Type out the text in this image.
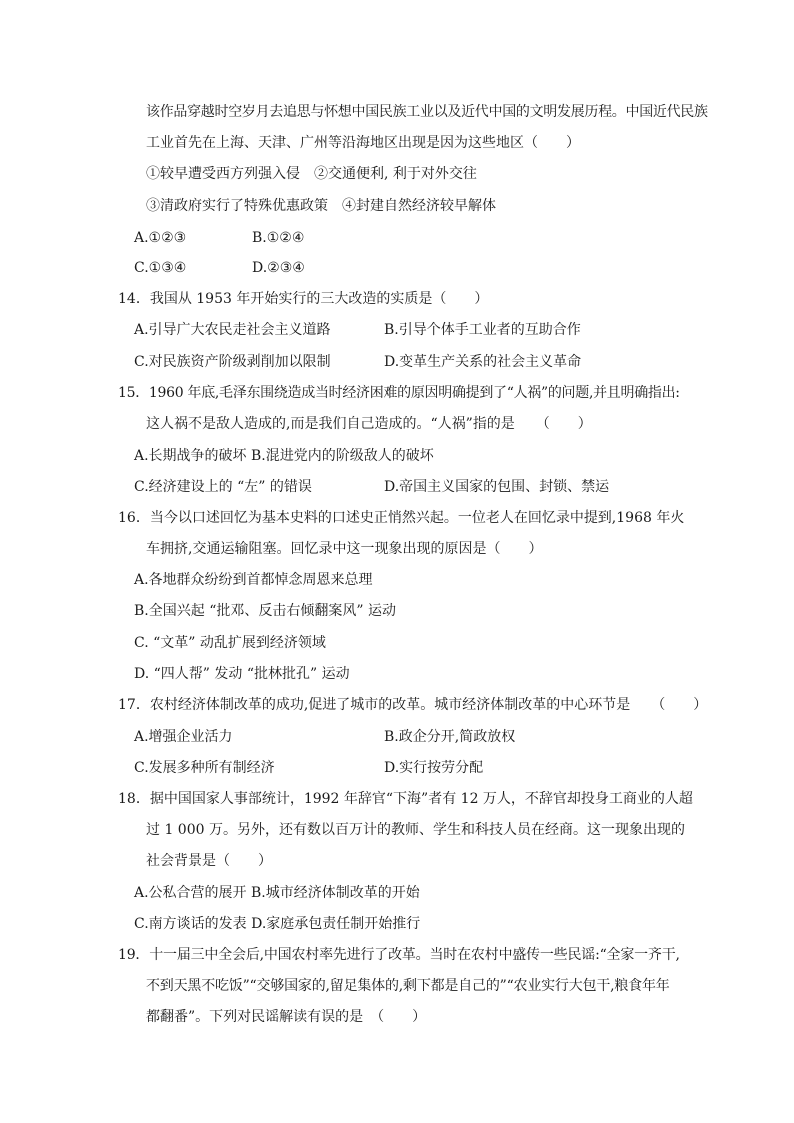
该作品穿越时空岁月去追思与怀想中国民族工业以及近代中国的文明发展历程。中国近代民族
工业首先在上海、天津、广州等沿海地区出现是因为这些地区（　　）
①较早遭受西方列强入侵　②交通便利, 利于对外交往
③清政府实行了特殊优惠政策　④封建自然经济较早解体
A.①②③	B.①②④
C.①③④	D.②③④
14．我国从 1953 年开始实行的三大改造的实质是（　　）
A.引导广大农民走社会主义道路	B.引导个体手工业者的互助合作
C.对民族资产阶级剥削加以限制	D.变革生产关系的社会主义革命
15．1960 年底,毛泽东围绕造成当时经济困难的原因明确提到了“人祸”的问题,并且明确指出:
这人祸不是敌人造成的,而是我们自己造成的。“人祸”指的是　　（　　）
A.长期战争的破坏 B.混进党内的阶级敌人的破坏
C.经济建设上的 “左” 的错误	D.帝国主义国家的包围、封锁、禁运
16．当今以口述回忆为基本史料的口述史正悄然兴起。一位老人在回忆录中提到,1968 年火
车拥挤,交通运输阻塞。回忆录中这一现象出现的原因是（　　）
A.各地群众纷纷到首都悼念周恩来总理
B.全国兴起 “批邓、反击右倾翻案风” 运动
C. “文革” 动乱扩展到经济领域
D. “四人帮” 发动 “批林批孔” 运动
17．农村经济体制改革的成功,促进了城市的改革。城市经济体制改革的中心环节是　　（　　）
A.增强企业活力	B.政企分开,简政放权
C.发展多种所有制经济	D.实行按劳分配
18．据中国国家人事部统计，1992 年辞官“下海”者有 12 万人，不辞官却投身工商业的人超
过 1 000 万。另外，还有数以百万计的教师、学生和科技人员在经商。这一现象出现的
社会背景是（　　）
A.公私合营的展开 B.城市经济体制改革的开始
C.南方谈话的发表 D.家庭承包责任制开始推行
19．十一届三中全会后,中国农村率先进行了改革。当时在农村中盛传一些民谣:“全家一齐干,
不到天黑不吃饭”“交够国家的,留足集体的,剩下都是自己的”“农业实行大包干,粮食年年
都翻番”。下列对民谣解读有误的是　（　　）
